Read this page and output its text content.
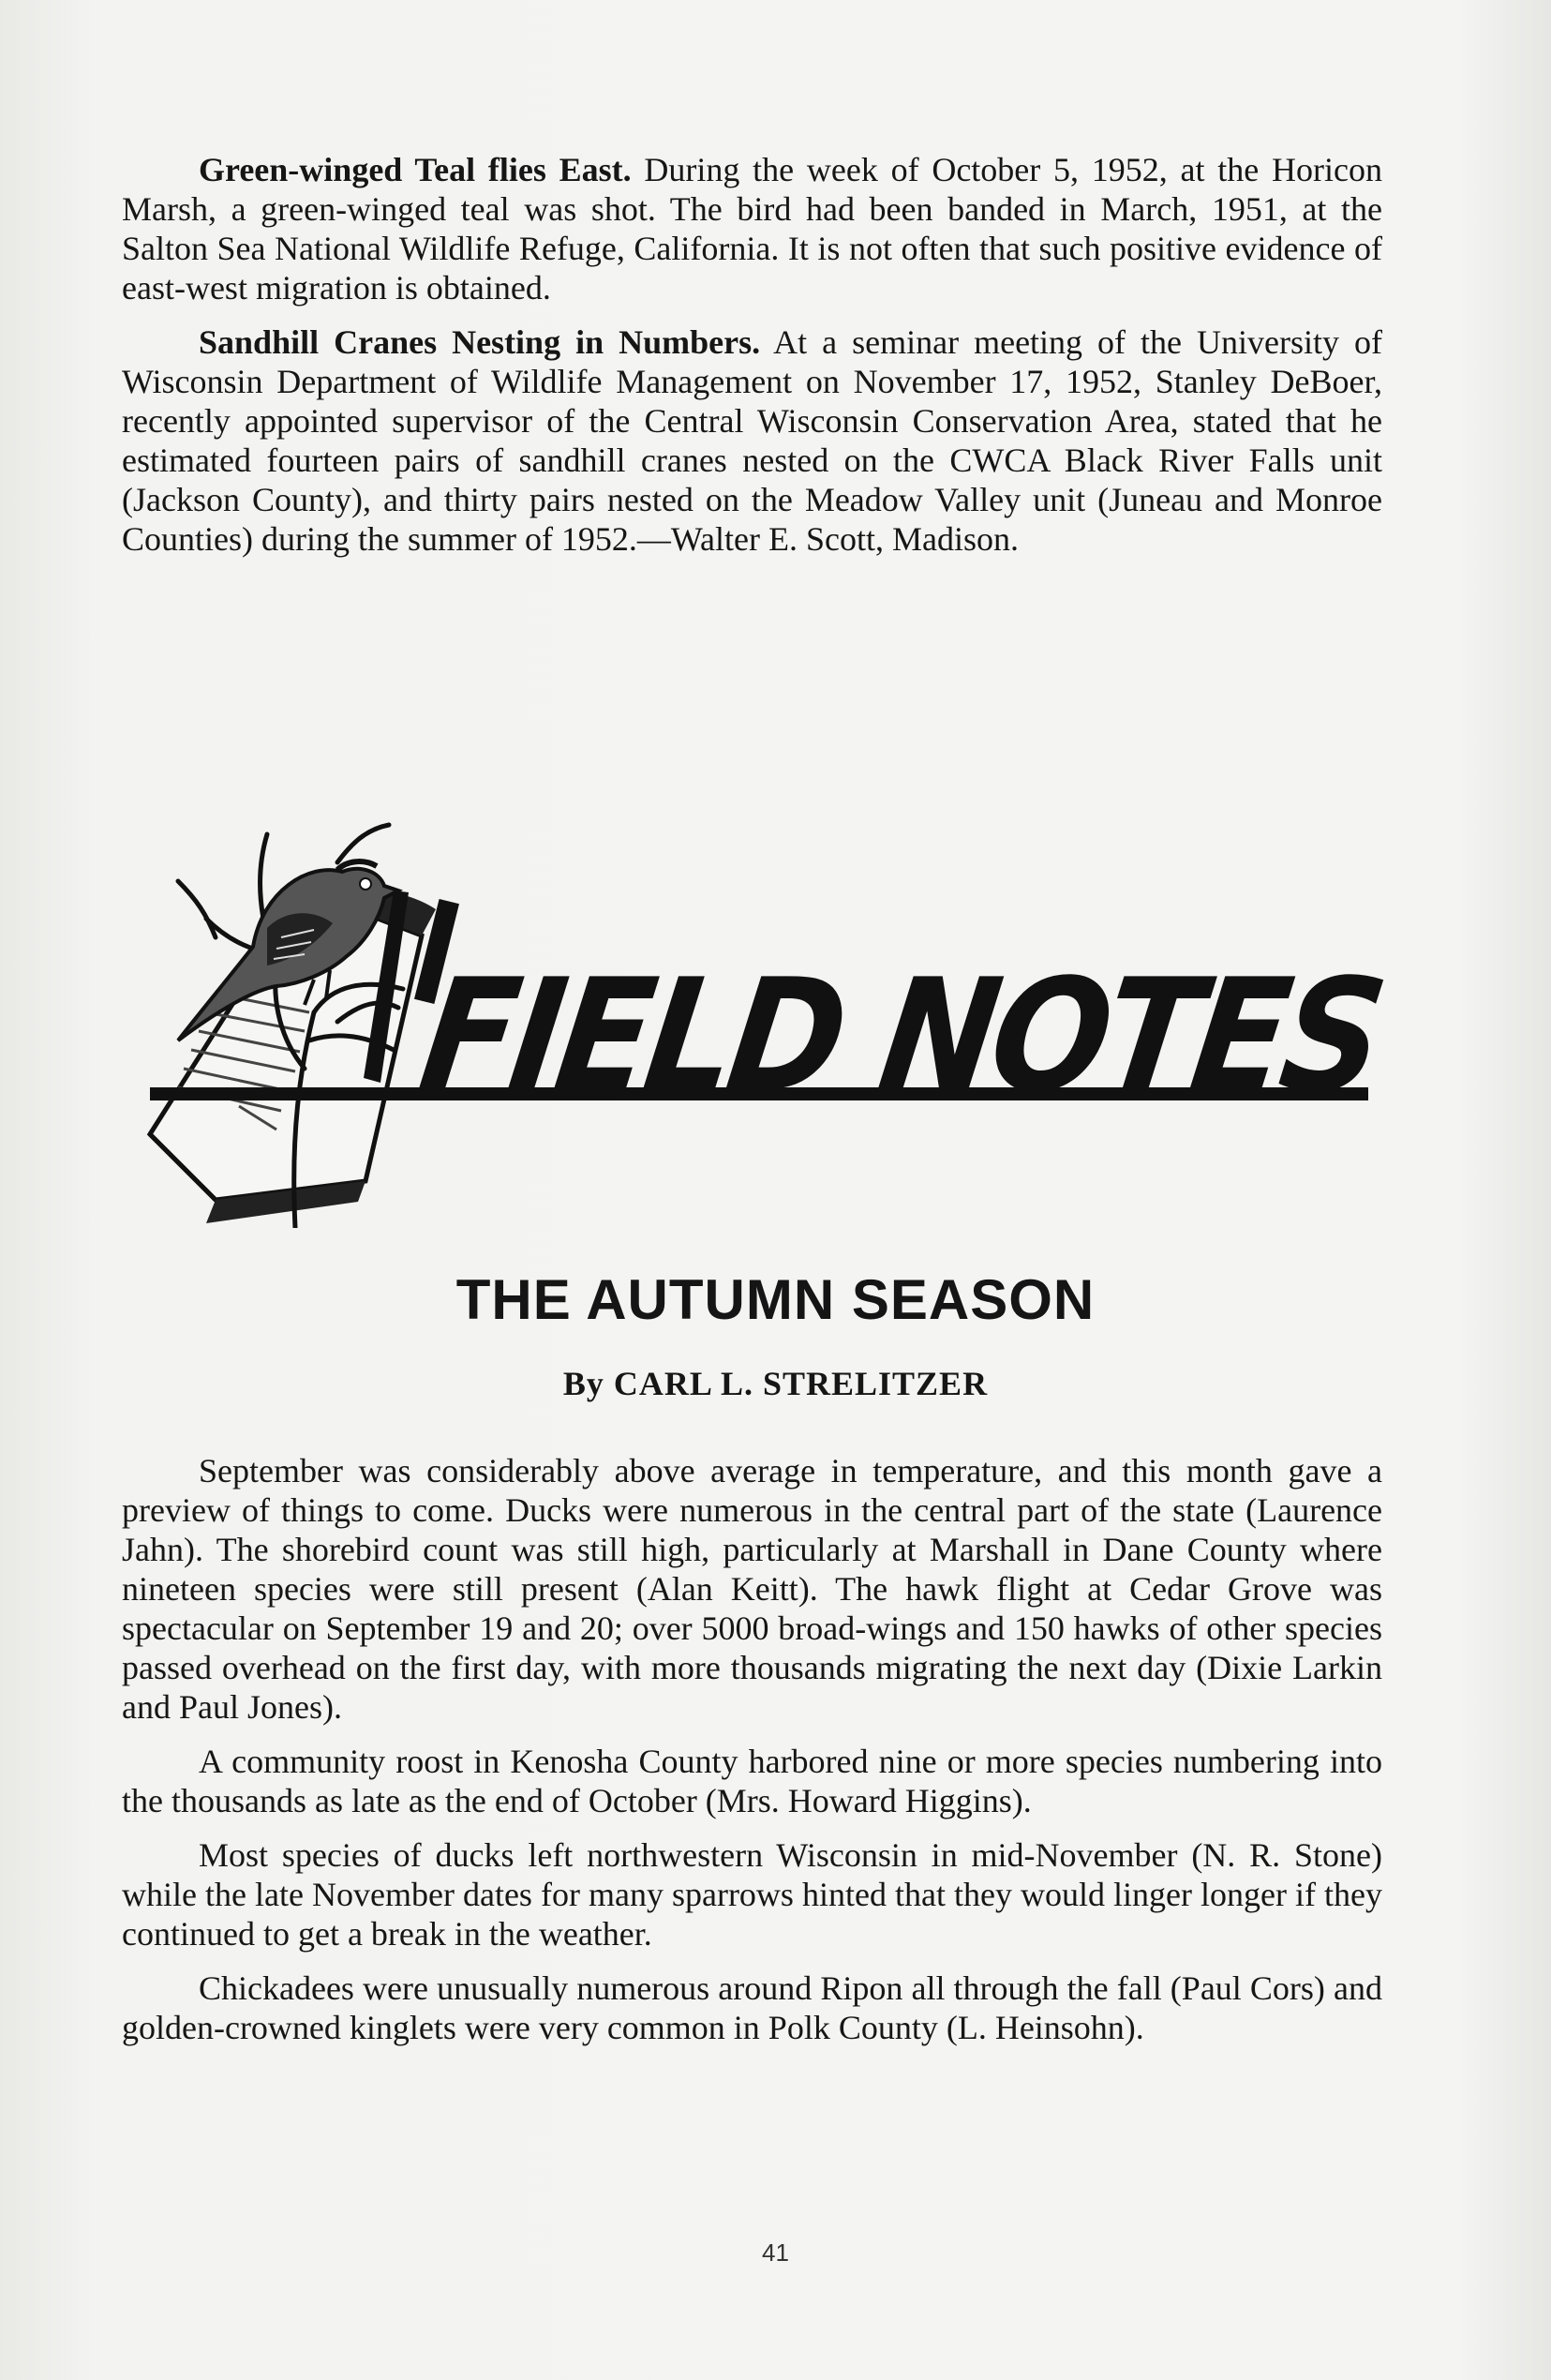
Green-winged Teal flies East. During the week of October 5, 1952, at the Horicon Marsh, a green-winged teal was shot. The bird had been banded in March, 1951, at the Salton Sea National Wildlife Refuge, California. It is not often that such positive evidence of east-west migration is obtained.

Sandhill Cranes Nesting in Numbers. At a seminar meeting of the University of Wisconsin Department of Wildlife Management on November 17, 1952, Stanley DeBoer, recently appointed supervisor of the Central Wisconsin Conservation Area, stated that he estimated fourteen pairs of sandhill cranes nested on the CWCA Black River Falls unit (Jackson County), and thirty pairs nested on the Meadow Valley unit (Juneau and Monroe Counties) during the summer of 1952.—Walter E. Scott, Madison.

FIELD NOTES
THE AUTUMN SEASON
By CARL L. STRELITZER

September was considerably above average in temperature, and this month gave a preview of things to come. Ducks were numerous in the central part of the state (Laurence Jahn). The shorebird count was still high, particularly at Marshall in Dane County where nineteen species were still present (Alan Keitt). The hawk flight at Cedar Grove was spectacular on September 19 and 20; over 5000 broad-wings and 150 hawks of other species passed overhead on the first day, with more thousands migrating the next day (Dixie Larkin and Paul Jones).

A community roost in Kenosha County harbored nine or more species numbering into the thousands as late as the end of October (Mrs. Howard Higgins).

Most species of ducks left northwestern Wisconsin in mid-November (N. R. Stone) while the late November dates for many sparrows hinted that they would linger longer if they continued to get a break in the weather.

Chickadees were unusually numerous around Ripon all through the fall (Paul Cors) and golden-crowned kinglets were very common in Polk County (L. Heinsohn).

41
